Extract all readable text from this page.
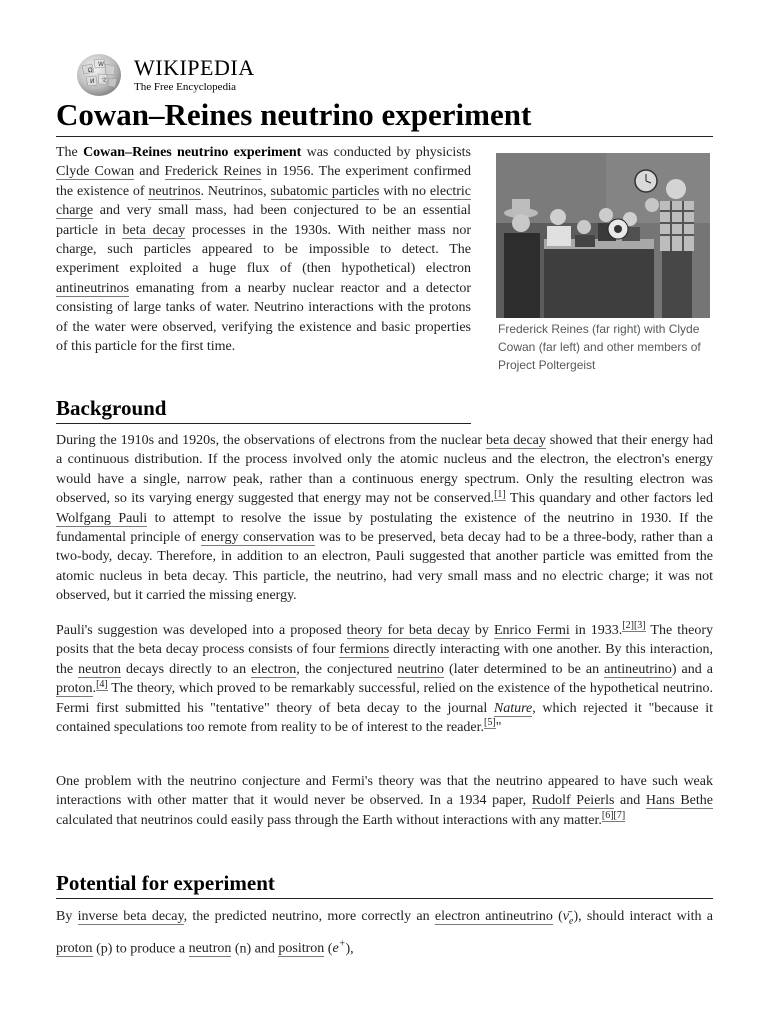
Ω
W
И 文
WIKIPEDIA
The Free Encyclopedia
Cowan–Reines neutrino experiment

The Cowan–Reines neutrino experiment was conducted by physicists Clyde Cowan and Frederick Reines in 1956. The experiment confirmed the existence of neutrinos. Neutrinos, subatomic particles with no electric charge and very small mass, had been conjectured to be an essential particle in beta decay processes in the 1930s. With neither mass nor charge, such particles appeared to be impossible to detect. The experiment exploited a huge flux of (then hypothetical) electron antineutrinos emanating from a nearby nuclear reactor and a detector consisting of large tanks of water. Neutrino interactions with the protons of the water were observed, verifying the existence and basic properties of this particle for the first time.

Frederick Reines (far right) with Clyde Cowan (far left) and other members of Project Poltergeist
Background

During the 1910s and 1920s, the observations of electrons from the nuclear beta decay showed that their energy had a continuous distribution. If the process involved only the atomic nucleus and the electron, the electron's energy would have a single, narrow peak, rather than a continuous energy spectrum. Only the resulting electron was observed, so its varying energy suggested that energy may not be conserved.[1] This quandary and other factors led Wolfgang Pauli to attempt to resolve the issue by postulating the existence of the neutrino in 1930. If the fundamental principle of energy conservation was to be preserved, beta decay had to be a three-body, rather than a two-body, decay. Therefore, in addition to an electron, Pauli suggested that another particle was emitted from the atomic nucleus in beta decay. This particle, the neutrino, had very small mass and no electric charge; it was not observed, but it carried the missing energy.

Pauli's suggestion was developed into a proposed theory for beta decay by Enrico Fermi in 1933.[2][3] The theory posits that the beta decay process consists of four fermions directly interacting with one another. By this interaction, the neutron decays directly to an electron, the conjectured neutrino (later determined to be an antineutrino) and a proton.[4] The theory, which proved to be remarkably successful, relied on the existence of the hypothetical neutrino. Fermi first submitted his "tentative" theory of beta decay to the journal Nature, which rejected it "because it contained speculations too remote from reality to be of interest to the reader.[5]"

One problem with the neutrino conjecture and Fermi's theory was that the neutrino appeared to have such weak interactions with other matter that it would never be observed. In a 1934 paper, Rudolf Peierls and Hans Bethe calculated that neutrinos could easily pass through the Earth without interactions with any matter.[6][7]

Potential for experiment

By inverse beta decay, the predicted neutrino, more correctly an electron antineutrino $(\nū_e)$, should interact with a proton (p) to produce a neutron (n) and positron (e+),
